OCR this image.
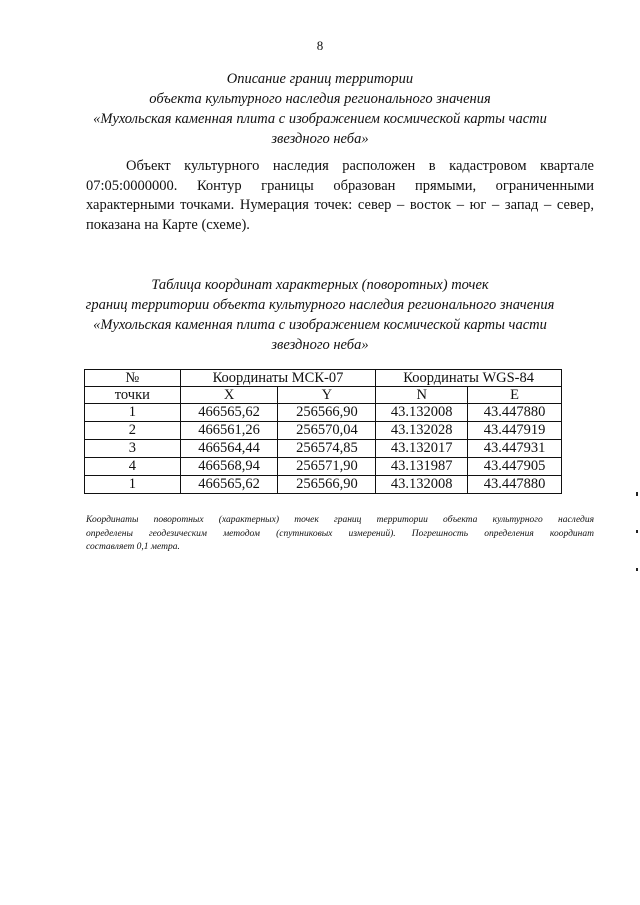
8
Описание границ территории
объекта культурного наследия регионального значения
«Мухольская каменная плита с изображением космической карты части
звездного неба»
Объект культурного наследия расположен в кадастровом квартале
07:05:0000000. Контур границы образован прямыми, ограниченными
характерными точками. Нумерация точек: север – восток – юг – запад – север,
показана на Карте (схеме).
Таблица координат характерных (поворотных) точек
границ территории объекта культурного наследия регионального значения
«Мухольская каменная плита с изображением космической карты части
звездного неба»
№	Координаты МСК-07		Координаты WGS-84	
точки	X	Y	N	E
1	466565,62	256566,90	43.132008	43.447880
2	466561,26	256570,04	43.132028	43.447919
3	466564,44	256574,85	43.132017	43.447931
4	466568,94	256571,90	43.131987	43.447905
1	466565,62	256566,90	43.132008	43.447880
Координаты поворотных (характерных) точек границ территории объекта культурного наследия
определены геодезическим методом (спутниковых измерений). Погрешность определения координат
составляет 0,1 метра.
